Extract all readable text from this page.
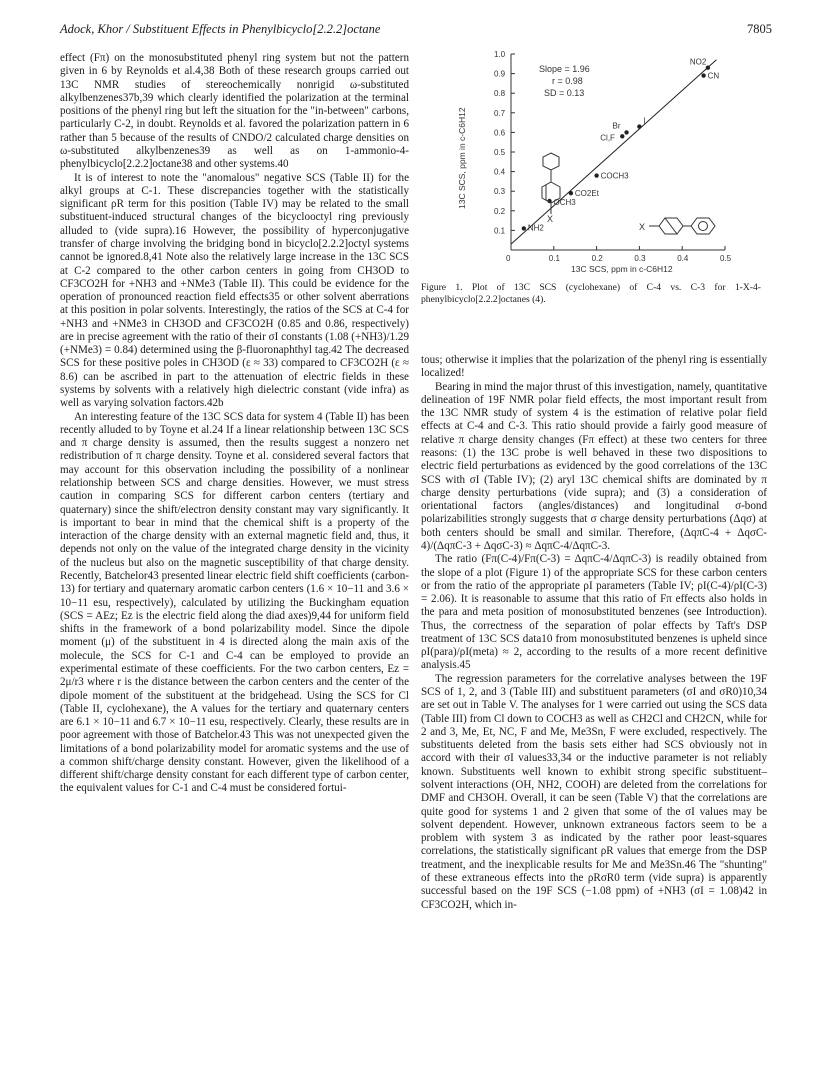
Adock, Khor / Substituent Effects in Phenylbicyclo[2.2.2]octane	7805

effect (Fπ) on the monosubstituted phenyl ring system but not the pattern given in 6 by Reynolds et al.4,38 Both of these research groups carried out 13C NMR studies of stereochemically nonrigid ω-substituted alkylbenzenes37b,39 which clearly identified the polarization at the terminal positions of the phenyl ring but left the situation for the "in-between" carbons, particularly C-2, in doubt. Reynolds et al. favored the polarization pattern in 6 rather than 5 because of the results of CNDO/2 calculated charge densities on ω-substituted alkylbenzenes39 as well as on 1-ammonio-4-phenylbicyclo[2.2.2]octane38 and other systems.40

It is of interest to note the "anomalous" negative SCS (Table II) for the alkyl groups at C-1. These discrepancies together with the statistically significant ρR term for this position (Table IV) may be related to the small substituent-induced structural changes of the bicyclooctyl ring previously alluded to (vide supra).16 However, the possibility of hyperconjugative transfer of charge involving the bridging bond in bicyclo[2.2.2]octyl systems cannot be ignored.8,41 Note also the relatively large increase in the 13C SCS at C-2 compared to the other carbon centers in going from CH3OD to CF3CO2H for +NH3 and +NMe3 (Table II). This could be evidence for the operation of pronounced reaction field effects35 or other solvent aberrations at this position in polar solvents. Interestingly, the ratios of the SCS at C-4 for +NH3 and +NMe3 in CH3OD and CF3CO2H (0.85 and 0.86, respectively) are in precise agreement with the ratio of their σI constants (1.08 (+NH3)/1.29 (+NMe3) = 0.84) determined using the β-fluoronaphthyl tag.42 The decreased SCS for these positive poles in CH3OD (ε ≈ 33) compared to CF3CO2H (ε ≈ 8.6) can be ascribed in part to the attenuation of electric fields in these systems by solvents with a relatively high dielectric constant (vide infra) as well as varying solvation factors.42b

An interesting feature of the 13C SCS data for system 4 (Table II) has been recently alluded to by Toyne et al.24 If a linear relationship between 13C SCS and π charge density is assumed, then the results suggest a nonzero net redistribution of π charge density. Toyne et al. considered several factors that may account for this observation including the possibility of a nonlinear relationship between SCS and charge densities. However, we must stress caution in comparing SCS for different carbon centers (tertiary and quaternary) since the shift/electron density constant may vary significantly. It is important to bear in mind that the chemical shift is a property of the interaction of the charge density with an external magnetic field and, thus, it depends not only on the value of the integrated charge density in the vicinity of the nucleus but also on the magnetic susceptibility of that charge density. Recently, Batchelor43 presented linear electric field shift coefficients (carbon-13) for tertiary and quaternary aromatic carbon centers (1.6 × 10−11 and 3.6 × 10−11 esu, respectively), calculated by utilizing the Buckingham equation (SCS = AEz; Ez is the electric field along the diad axes)9,44 for uniform field shifts in the framework of a bond polarizability model. Since the dipole moment (μ) of the substituent in 4 is directed along the main axis of the molecule, the SCS for C-1 and C-4 can be employed to provide an experimental estimate of these coefficients. For the two carbon centers, Ez = 2μ/r3 where r is the distance between the carbon centers and the center of the dipole moment of the substituent at the bridgehead. Using the SCS for Cl (Table II, cyclohexane), the A values for the tertiary and quaternary centers are 6.1 × 10−11 and 6.7 × 10−11 esu, respectively. Clearly, these results are in poor agreement with those of Batchelor.43 This was not unexpected given the limitations of a bond polarizability model for aromatic systems and the use of a common shift/charge density constant. However, given the likelihood of a different shift/charge density constant for each different type of carbon center, the equivalent values for C-1 and C-4 must be considered fortui-

0	0.1	0.2	0.3	0.4	0.5
0.1
0.2
0.3
0.4
0.5
0.6
0.7
0.8
0.9
1.0
NH2
OCH3
CO2Et
COCH3
Cl,F
Br
I
CN
NO2
Slope = 1.96
r = 0.98
SD = 0.13
13C SCS, ppm in c-C6H12
13C SCS, ppm in c-C6H12
X
X
Figure 1. Plot of 13C SCS (cyclohexane) of C-4 vs. C-3 for 1-X-4-phenylbicyclo[2.2.2]octanes (4).

tous; otherwise it implies that the polarization of the phenyl ring is essentially localized!

Bearing in mind the major thrust of this investigation, namely, quantitative delineation of 19F NMR polar field effects, the most important result from the 13C NMR study of system 4 is the estimation of relative polar field effects at C-4 and C-3. This ratio should provide a fairly good measure of relative π charge density changes (Fπ effect) at these two centers for three reasons: (1) the 13C probe is well behaved in these two dispositions to electric field perturbations as evidenced by the good correlations of the 13C SCS with σI (Table IV); (2) aryl 13C chemical shifts are dominated by π charge density perturbations (vide supra); and (3) a consideration of orientational factors (angles/distances) and longitudinal σ-bond polarizabilities strongly suggests that σ charge density perturbations (Δqσ) at both centers should be small and similar. Therefore, (ΔqπC-4 + ΔqσC-4)/(ΔqπC-3 + ΔqσC-3) ≈ ΔqπC-4/ΔqπC-3.

The ratio (Fπ(C-4)/Fπ(C-3) = ΔqπC-4/ΔqπC-3) is readily obtained from the slope of a plot (Figure 1) of the appropriate SCS for these carbon centers or from the ratio of the appropriate ρI parameters (Table IV; ρI(C-4)/ρI(C-3) = 2.06). It is reasonable to assume that this ratio of Fπ effects also holds in the para and meta position of monosubstituted benzenes (see Introduction). Thus, the correctness of the separation of polar effects by Taft's DSP treatment of 13C SCS data10 from monosubstituted benzenes is upheld since ρI(para)/ρI(meta) ≈ 2, according to the results of a more recent definitive analysis.45

The regression parameters for the correlative analyses between the 19F SCS of 1, 2, and 3 (Table III) and substituent parameters (σI and σR0)10,34 are set out in Table V. The analyses for 1 were carried out using the SCS data (Table III) from Cl down to COCH3 as well as CH2Cl and CH2CN, while for 2 and 3, Me, Et, NC, F and Me, Me3Sn, F were excluded, respectively. The substituents deleted from the basis sets either had SCS obviously not in accord with their σI values33,34 or the inductive parameter is not reliably known. Substituents well known to exhibit strong specific substituent–solvent interactions (OH, NH2, COOH) are deleted from the correlations for DMF and CH3OH. Overall, it can be seen (Table V) that the correlations are quite good for systems 1 and 2 given that some of the σI values may be solvent dependent. However, unknown extraneous factors seem to be a problem with system 3 as indicated by the rather poor least-squares correlations, the statistically significant ρR values that emerge from the DSP treatment, and the inexplicable results for Me and Me3Sn.46 The "shunting" of these extraneous effects into the ρRσR0 term (vide supra) is apparently successful based on the 19F SCS (−1.08 ppm) of +NH3 (σI = 1.08)42 in CF3CO2H, which in-
